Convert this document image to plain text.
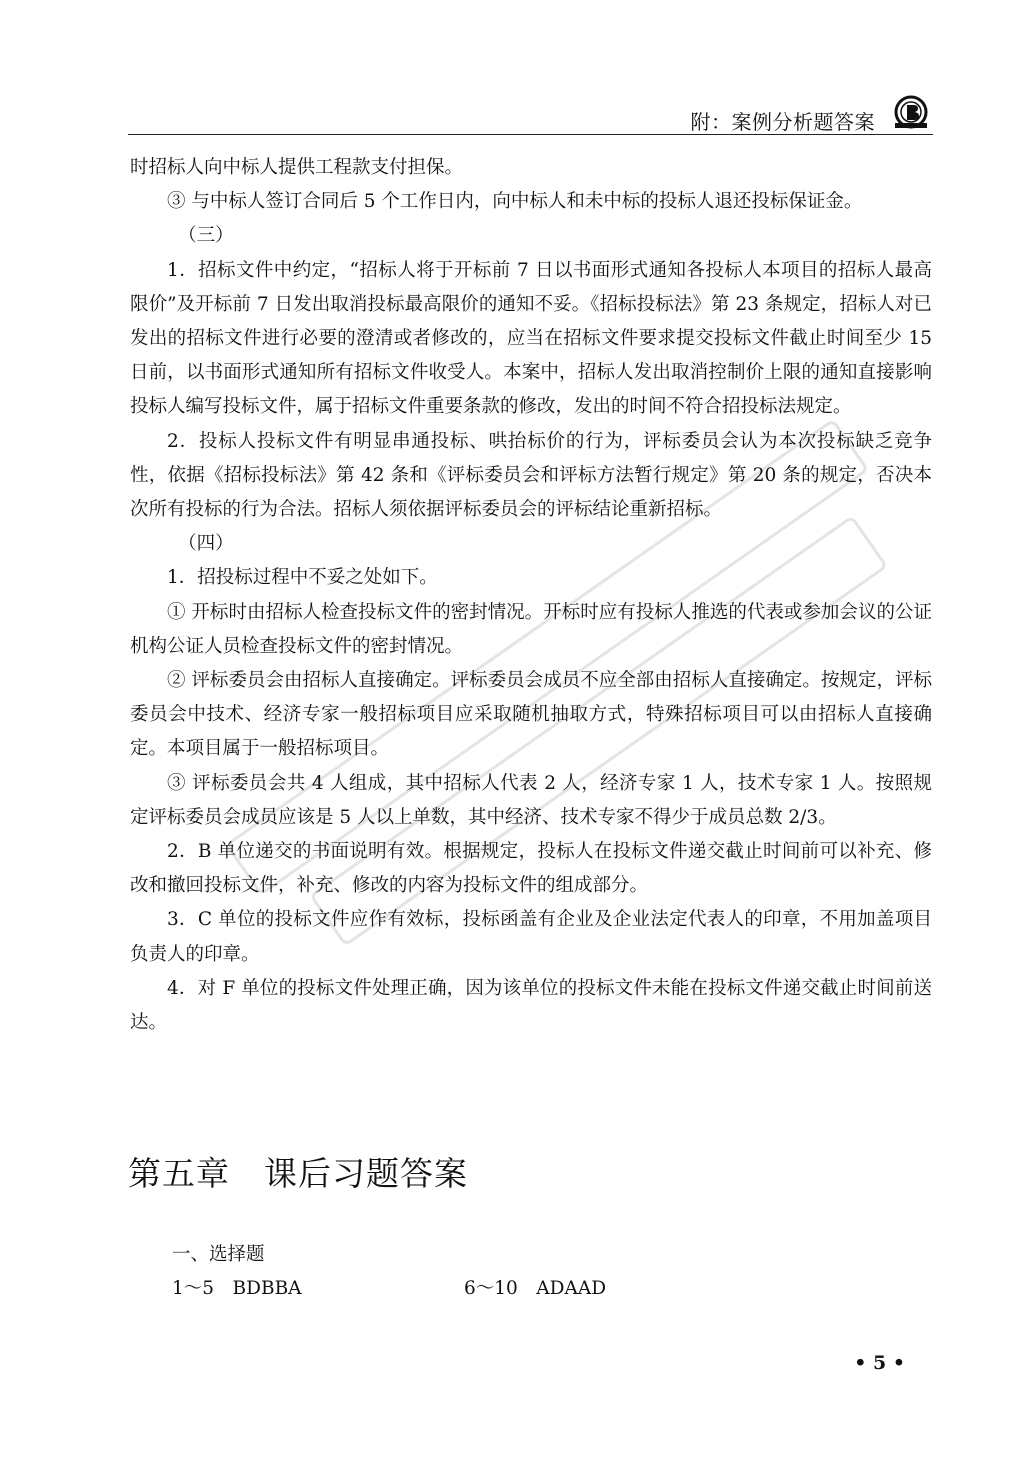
附：案例分析题答案

时招标人向中标人提供工程款支付担保。

③ 与中标人签订合同后 5 个工作日内，向中标人和未中标的投标人退还投标保证金。

（三）

1．招标文件中约定，“招标人将于开标前 7 日以书面形式通知各投标人本项目的招标人最高限价”及开标前 7 日发出取消投标最高限价的通知不妥。《招标投标法》第 23 条规定，招标人对已发出的招标文件进行必要的澄清或者修改的，应当在招标文件要求提交投标文件截止时间至少 15 日前，以书面形式通知所有招标文件收受人。本案中，招标人发出取消控制价上限的通知直接影响投标人编写投标文件，属于招标文件重要条款的修改，发出的时间不符合招投标法规定。

2．投标人投标文件有明显串通投标、哄抬标价的行为，评标委员会认为本次投标缺乏竞争性，依据《招标投标法》第 42 条和《评标委员会和评标方法暂行规定》第 20 条的规定，否决本次所有投标的行为合法。招标人须依据评标委员会的评标结论重新招标。

（四）

1．招投标过程中不妥之处如下。

① 开标时由招标人检查投标文件的密封情况。开标时应有投标人推选的代表或参加会议的公证机构公证人员检查投标文件的密封情况。

② 评标委员会由招标人直接确定。评标委员会成员不应全部由招标人直接确定。按规定，评标委员会中技术、经济专家一般招标项目应采取随机抽取方式，特殊招标项目可以由招标人直接确定。本项目属于一般招标项目。

③ 评标委员会共 4 人组成，其中招标人代表 2 人，经济专家 1 人，技术专家 1 人。按照规定评标委员会成员应该是 5 人以上单数，其中经济、技术专家不得少于成员总数 2/3。

2．B 单位递交的书面说明有效。根据规定，投标人在投标文件递交截止时间前可以补充、修改和撤回投标文件，补充、修改的内容为投标文件的组成部分。

3．C 单位的投标文件应作有效标，投标函盖有企业及企业法定代表人的印章，不用加盖项目负责人的印章。

4．对 F 单位的投标文件处理正确，因为该单位的投标文件未能在投标文件递交截止时间前送达。

第五章　课后习题答案
一、选择题
1～5　BDBBA	6～10　ADAAD
• 5 •
